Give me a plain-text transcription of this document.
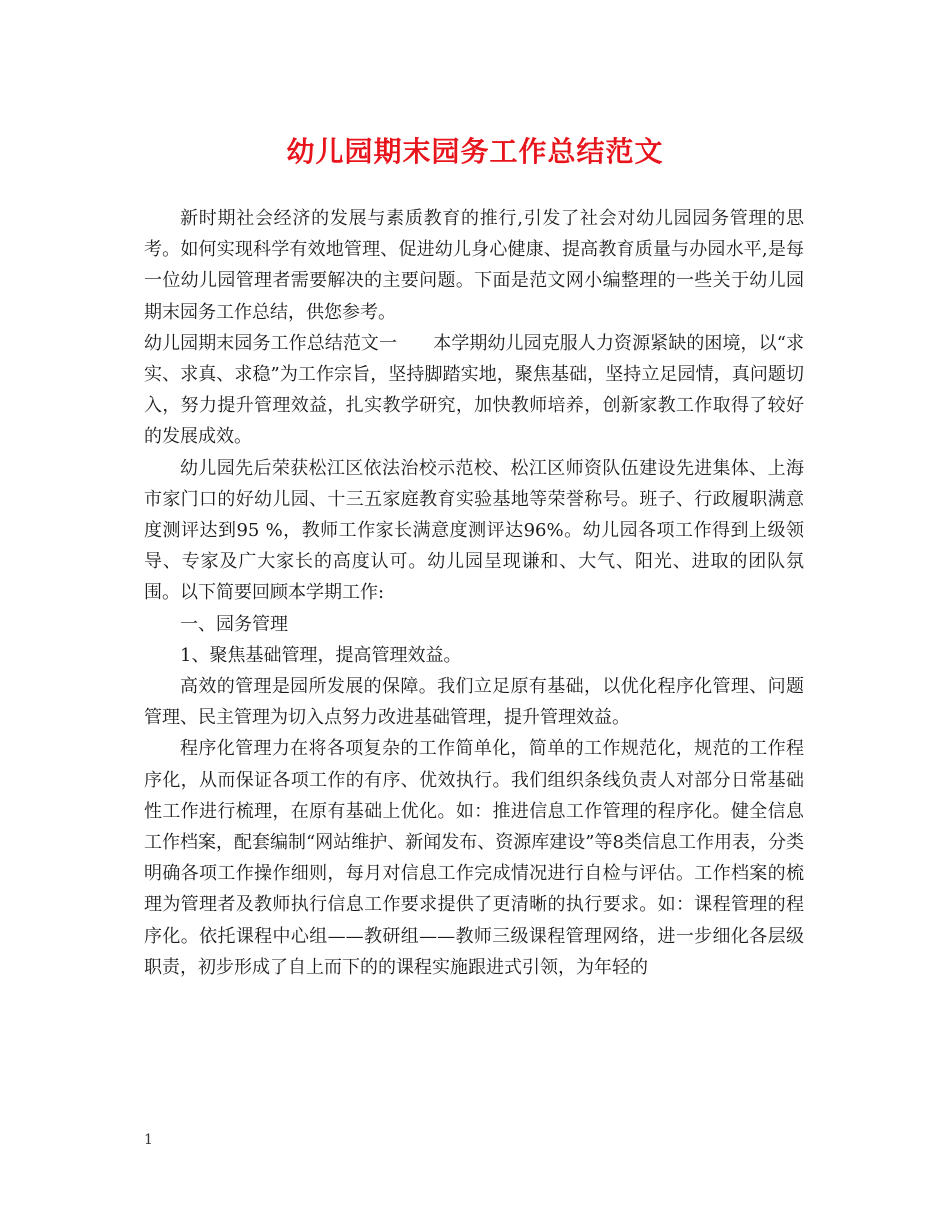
幼儿园期末园务工作总结范文

新时期社会经济的发展与素质教育的推行,引发了社会对幼儿园园务管理的思考。如何实现科学有效地管理、促进幼儿身心健康、提高教育质量与办园水平,是每一位幼儿园管理者需要解决的主要问题。下面是范文网小编整理的一些关于幼儿园期末园务工作总结，供您参考。

幼儿园期末园务工作总结范文一　　本学期幼儿园克服人力资源紧缺的困境，以“求实、求真、求稳”为工作宗旨，坚持脚踏实地，聚焦基础，坚持立足园情，真问题切入，努力提升管理效益，扎实教学研究，加快教师培养，创新家教工作取得了较好的发展成效。

幼儿园先后荣获松江区依法治校示范校、松江区师资队伍建设先进集体、上海市家门口的好幼儿园、十三五家庭教育实验基地等荣誉称号。班子、行政履职满意度测评达到95 %，教师工作家长满意度测评达96%。幼儿园各项工作得到上级领导、专家及广大家长的高度认可。幼儿园呈现谦和、大气、阳光、进取的团队氛围。以下简要回顾本学期工作:

一、园务管理

1、聚焦基础管理，提高管理效益。

高效的管理是园所发展的保障。我们立足原有基础，以优化程序化管理、问题管理、民主管理为切入点努力改进基础管理，提升管理效益。

程序化管理力在将各项复杂的工作简单化，简单的工作规范化，规范的工作程序化，从而保证各项工作的有序、优效执行。我们组织条线负责人对部分日常基础性工作进行梳理，在原有基础上优化。如：推进信息工作管理的程序化。健全信息工作档案，配套编制“网站维护、新闻发布、资源库建设”等8类信息工作用表，分类明确各项工作操作细则，每月对信息工作完成情况进行自检与评估。工作档案的梳理为管理者及教师执行信息工作要求提供了更清晰的执行要求。如：课程管理的程序化。依托课程中心组——教研组——教师三级课程管理网络，进一步细化各层级职责，初步形成了自上而下的的课程实施跟进式引领，为年轻的

1
